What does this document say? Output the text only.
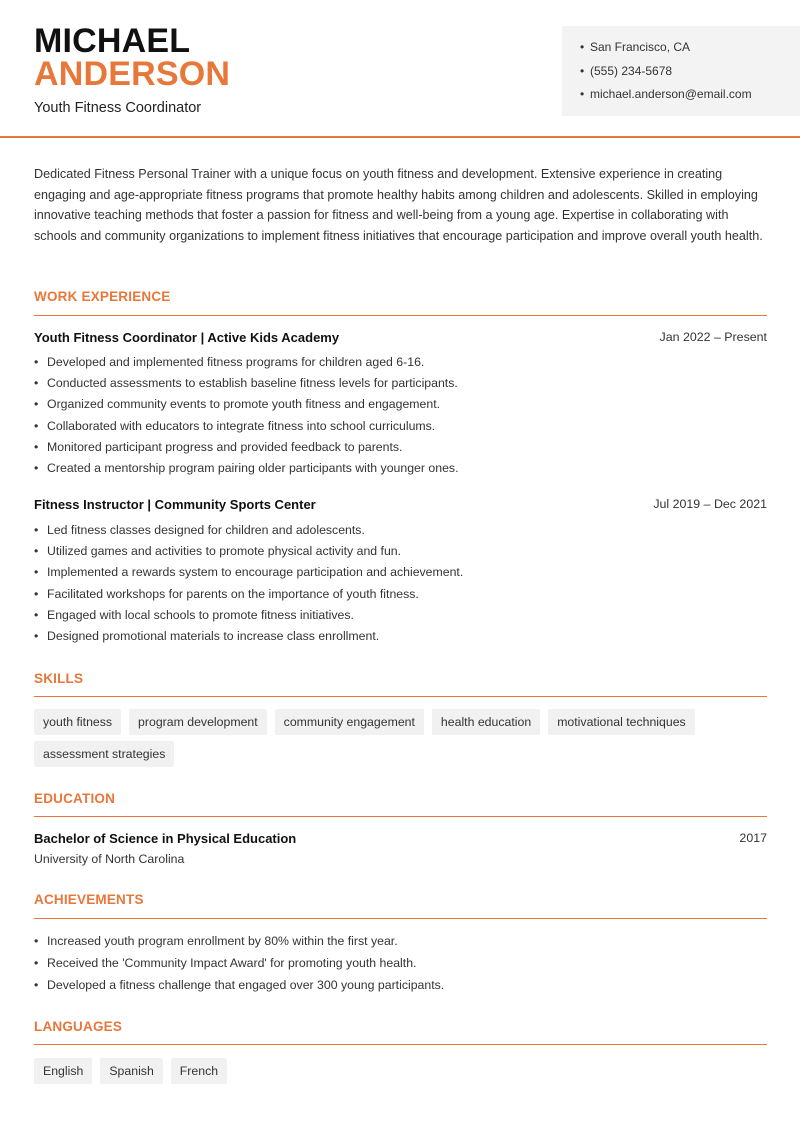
MICHAEL
ANDERSON
Youth Fitness Coordinator
• San Francisco, CA
• (555) 234-5678
• michael.anderson@email.com

Dedicated Fitness Personal Trainer with a unique focus on youth fitness and development. Extensive experience in creating engaging and age-appropriate fitness programs that promote healthy habits among children and adolescents. Skilled in employing innovative teaching methods that foster a passion for fitness and well-being from a young age. Expertise in collaborating with schools and community organizations to implement fitness initiatives that encourage participation and improve overall youth health.

WORK EXPERIENCE
Youth Fitness Coordinator | Active Kids Academy	Jan 2022 – Present
• Developed and implemented fitness programs for children aged 6-16.
• Conducted assessments to establish baseline fitness levels for participants.
• Organized community events to promote youth fitness and engagement.
• Collaborated with educators to integrate fitness into school curriculums.
• Monitored participant progress and provided feedback to parents.
• Created a mentorship program pairing older participants with younger ones.
Fitness Instructor | Community Sports Center	Jul 2019 – Dec 2021
• Led fitness classes designed for children and adolescents.
• Utilized games and activities to promote physical activity and fun.
• Implemented a rewards system to encourage participation and achievement.
• Facilitated workshops for parents on the importance of youth fitness.
• Engaged with local schools to promote fitness initiatives.
• Designed promotional materials to increase class enrollment.
SKILLS
youth fitness	program development	community engagement	health education	motivational techniques
assessment strategies
EDUCATION
Bachelor of Science in Physical Education	2017
University of North Carolina
ACHIEVEMENTS
• Increased youth program enrollment by 80% within the first year.
• Received the 'Community Impact Award' for promoting youth health.
• Developed a fitness challenge that engaged over 300 young participants.
LANGUAGES
English	Spanish	French
